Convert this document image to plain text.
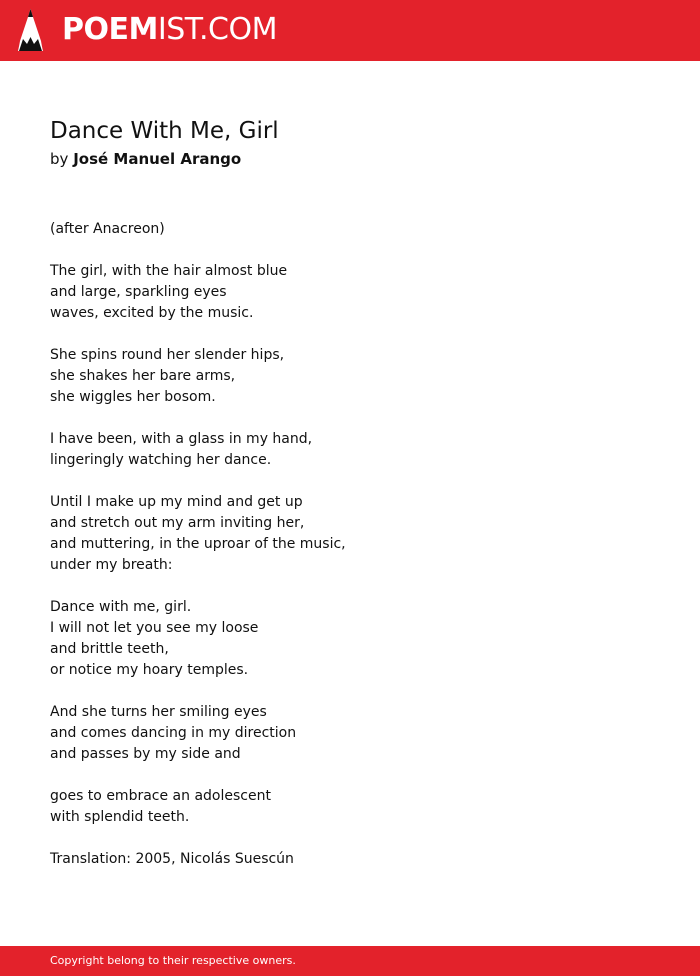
POEMIST.COM
Dance With Me, Girl
by José Manuel Arango
(after Anacreon)
The girl, with the hair almost blue
and large, sparkling eyes
waves, excited by the music.
She spins round her slender hips,
she shakes her bare arms,
she wiggles her bosom.
I have been, with a glass in my hand,
lingeringly watching her dance.
Until I make up my mind and get up
and stretch out my arm inviting her,
and muttering, in the uproar of the music,
under my breath:
Dance with me, girl.
I will not let you see my loose
and brittle teeth,
or notice my hoary temples.
And she turns her smiling eyes
and comes dancing in my direction
and passes by my side and
goes to embrace an adolescent
with splendid teeth.
Translation: 2005, Nicolás Suescún
Copyright belong to their respective owners.
